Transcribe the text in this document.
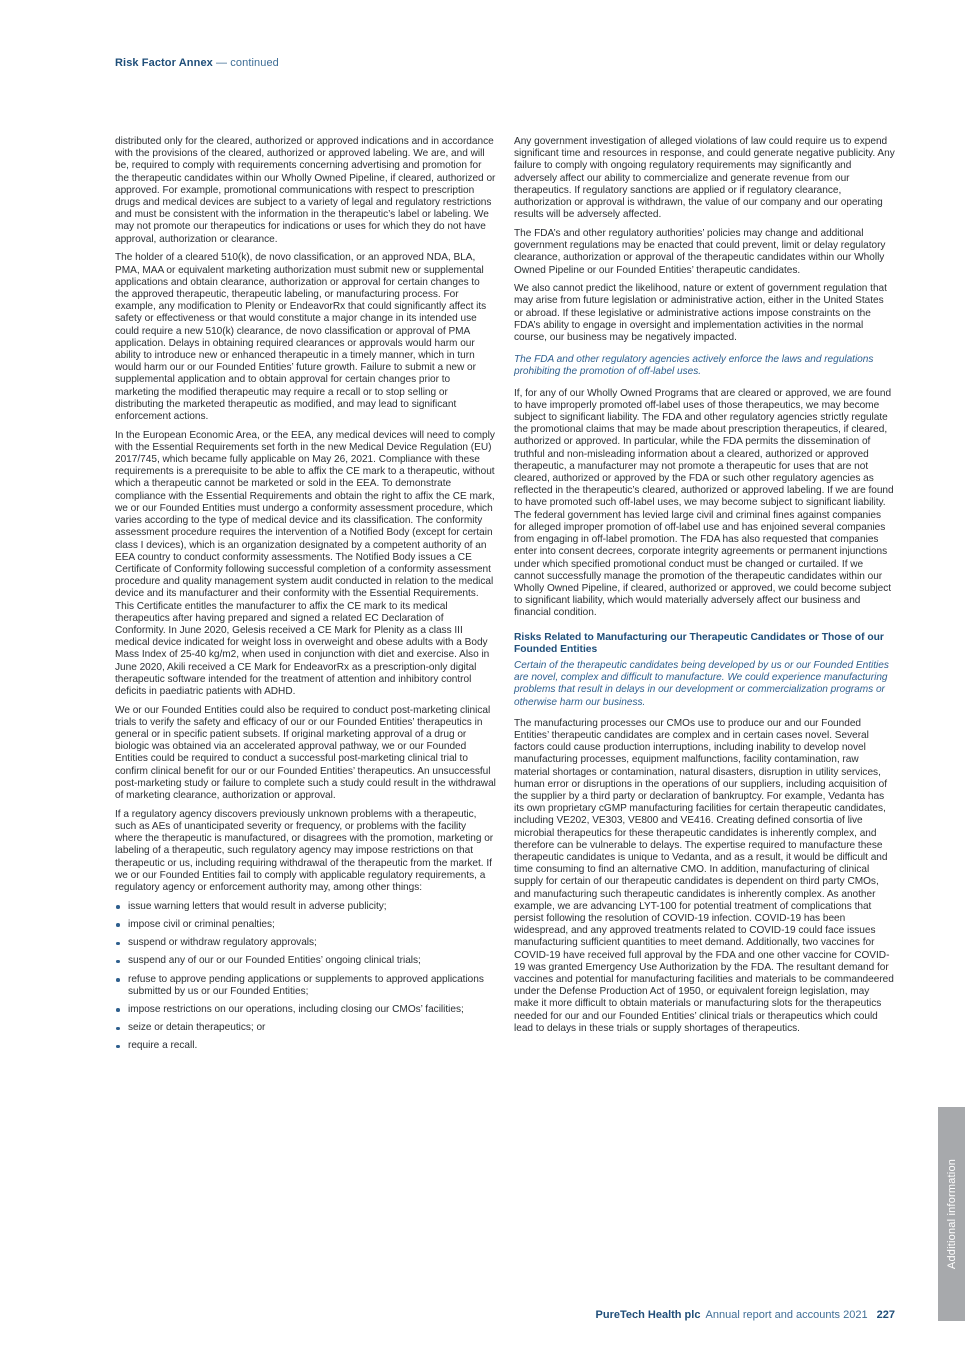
Risk Factor Annex — continued

distributed only for the cleared, authorized or approved indications and in accordance with the provisions of the cleared, authorized or approved labeling. We are, and will be, required to comply with requirements concerning advertising and promotion for the therapeutic candidates within our Wholly Owned Pipeline, if cleared, authorized or approved. For example, promotional communications with respect to prescription drugs and medical devices are subject to a variety of legal and regulatory restrictions and must be consistent with the information in the therapeutic’s label or labeling. We may not promote our therapeutics for indications or uses for which they do not have approval, authorization or clearance.

The holder of a cleared 510(k), de novo classification, or an approved NDA, BLA, PMA, MAA or equivalent marketing authorization must submit new or supplemental applications and obtain clearance, authorization or approval for certain changes to the approved therapeutic, therapeutic labeling, or manufacturing process. For example, any modification to Plenity or EndeavorRx that could significantly affect its safety or effectiveness or that would constitute a major change in its intended use could require a new 510(k) clearance, de novo classification or approval of PMA application. Delays in obtaining required clearances or approvals would harm our ability to introduce new or enhanced therapeutic in a timely manner, which in turn would harm our or our Founded Entities’ future growth. Failure to submit a new or supplemental application and to obtain approval for certain changes prior to marketing the modified therapeutic may require a recall or to stop selling or distributing the marketed therapeutic as modified, and may lead to significant enforcement actions.

In the European Economic Area, or the EEA, any medical devices will need to comply with the Essential Requirements set forth in the new Medical Device Regulation (EU) 2017/745, which became fully applicable on May 26, 2021. Compliance with these requirements is a prerequisite to be able to affix the CE mark to a therapeutic, without which a therapeutic cannot be marketed or sold in the EEA. To demonstrate compliance with the Essential Requirements and obtain the right to affix the CE mark, we or our Founded Entities must undergo a conformity assessment procedure, which varies according to the type of medical device and its classification. The conformity assessment procedure requires the intervention of a Notified Body (except for certain class I devices), which is an organization designated by a competent authority of an EEA country to conduct conformity assessments. The Notified Body issues a CE Certificate of Conformity following successful completion of a conformity assessment procedure and quality management system audit conducted in relation to the medical device and its manufacturer and their conformity with the Essential Requirements. This Certificate entitles the manufacturer to affix the CE mark to its medical therapeutics after having prepared and signed a related EC Declaration of Conformity. In June 2020, Gelesis received a CE Mark for Plenity as a class III medical device indicated for weight loss in overweight and obese adults with a Body Mass Index of 25-40 kg/m2, when used in conjunction with diet and exercise. Also in June 2020, Akili received a CE Mark for EndeavorRx as a prescription-only digital therapeutic software intended for the treatment of attention and inhibitory control deficits in paediatric patients with ADHD.

We or our Founded Entities could also be required to conduct post-marketing clinical trials to verify the safety and efficacy of our or our Founded Entities’ therapeutics in general or in specific patient subsets. If original marketing approval of a drug or biologic was obtained via an accelerated approval pathway, we or our Founded Entities could be required to conduct a successful post-marketing clinical trial to confirm clinical benefit for our or our Founded Entities’ therapeutics. An unsuccessful post-marketing study or failure to complete such a study could result in the withdrawal of marketing clearance, authorization or approval.

If a regulatory agency discovers previously unknown problems with a therapeutic, such as AEs of unanticipated severity or frequency, or problems with the facility where the therapeutic is manufactured, or disagrees with the promotion, marketing or labeling of a therapeutic, such regulatory agency may impose restrictions on that therapeutic or us, including requiring withdrawal of the therapeutic from the market. If we or our Founded Entities fail to comply with applicable regulatory requirements, a regulatory agency or enforcement authority may, among other things:

issue warning letters that would result in adverse publicity;
impose civil or criminal penalties;
suspend or withdraw regulatory approvals;
suspend any of our or our Founded Entities’ ongoing clinical trials;
refuse to approve pending applications or supplements to approved applications submitted by us or our Founded Entities;
impose restrictions on our operations, including closing our CMOs’ facilities;
seize or detain therapeutics; or
require a recall.

Any government investigation of alleged violations of law could require us to expend significant time and resources in response, and could generate negative publicity. Any failure to comply with ongoing regulatory requirements may significantly and adversely affect our ability to commercialize and generate revenue from our therapeutics. If regulatory sanctions are applied or if regulatory clearance, authorization or approval is withdrawn, the value of our company and our operating results will be adversely affected.

The FDA’s and other regulatory authorities’ policies may change and additional government regulations may be enacted that could prevent, limit or delay regulatory clearance, authorization or approval of the therapeutic candidates within our Wholly Owned Pipeline or our Founded Entities’ therapeutic candidates.

We also cannot predict the likelihood, nature or extent of government regulation that may arise from future legislation or administrative action, either in the United States or abroad. If these legislative or administrative actions impose constraints on the FDA’s ability to engage in oversight and implementation activities in the normal course, our business may be negatively impacted.

The FDA and other regulatory agencies actively enforce the laws and regulations prohibiting the promotion of off-label uses.

If, for any of our Wholly Owned Programs that are cleared or approved, we are found to have improperly promoted off-label uses of those therapeutics, we may become subject to significant liability. The FDA and other regulatory agencies strictly regulate the promotional claims that may be made about prescription therapeutics, if cleared, authorized or approved. In particular, while the FDA permits the dissemination of truthful and non-misleading information about a cleared, authorized or approved therapeutic, a manufacturer may not promote a therapeutic for uses that are not cleared, authorized or approved by the FDA or such other regulatory agencies as reflected in the therapeutic’s cleared, authorized or approved labeling. If we are found to have promoted such off-label uses, we may become subject to significant liability. The federal government has levied large civil and criminal fines against companies for alleged improper promotion of off-label use and has enjoined several companies from engaging in off-label promotion. The FDA has also requested that companies enter into consent decrees, corporate integrity agreements or permanent injunctions under which specified promotional conduct must be changed or curtailed. If we cannot successfully manage the promotion of the therapeutic candidates within our Wholly Owned Pipeline, if cleared, authorized or approved, we could become subject to significant liability, which would materially adversely affect our business and financial condition.

Risks Related to Manufacturing our Therapeutic Candidates or Those of our Founded Entities

Certain of the therapeutic candidates being developed by us or our Founded Entities are novel, complex and difficult to manufacture. We could experience manufacturing problems that result in delays in our development or commercialization programs or otherwise harm our business.

The manufacturing processes our CMOs use to produce our and our Founded Entities’ therapeutic candidates are complex and in certain cases novel. Several factors could cause production interruptions, including inability to develop novel manufacturing processes, equipment malfunctions, facility contamination, raw material shortages or contamination, natural disasters, disruption in utility services, human error or disruptions in the operations of our suppliers, including acquisition of the supplier by a third party or declaration of bankruptcy. For example, Vedanta has its own proprietary cGMP manufacturing facilities for certain therapeutic candidates, including VE202, VE303, VE800 and VE416. Creating defined consortia of live microbial therapeutics for these therapeutic candidates is inherently complex, and therefore can be vulnerable to delays. The expertise required to manufacture these therapeutic candidates is unique to Vedanta, and as a result, it would be difficult and time consuming to find an alternative CMO. In addition, manufacturing of clinical supply for certain of our therapeutic candidates is dependent on third party CMOs, and manufacturing such therapeutic candidates is inherently complex. As another example, we are advancing LYT-100 for potential treatment of complications that persist following the resolution of COVID-19 infection. COVID-19 has been widespread, and any approved treatments related to COVID-19 could face issues manufacturing sufficient quantities to meet demand. Additionally, two vaccines for COVID-19 have received full approval by the FDA and one other vaccine for COVID-19 was granted Emergency Use Authorization by the FDA. The resultant demand for vaccines and potential for manufacturing facilities and materials to be commandeered under the Defense Production Act of 1950, or equivalent foreign legislation, may make it more difficult to obtain materials or manufacturing slots for the therapeutics needed for our and our Founded Entities’ clinical trials or therapeutics which could lead to delays in these trials or supply shortages of therapeutics.

Additional information
PureTech Health plc Annual report and accounts 2021 227
